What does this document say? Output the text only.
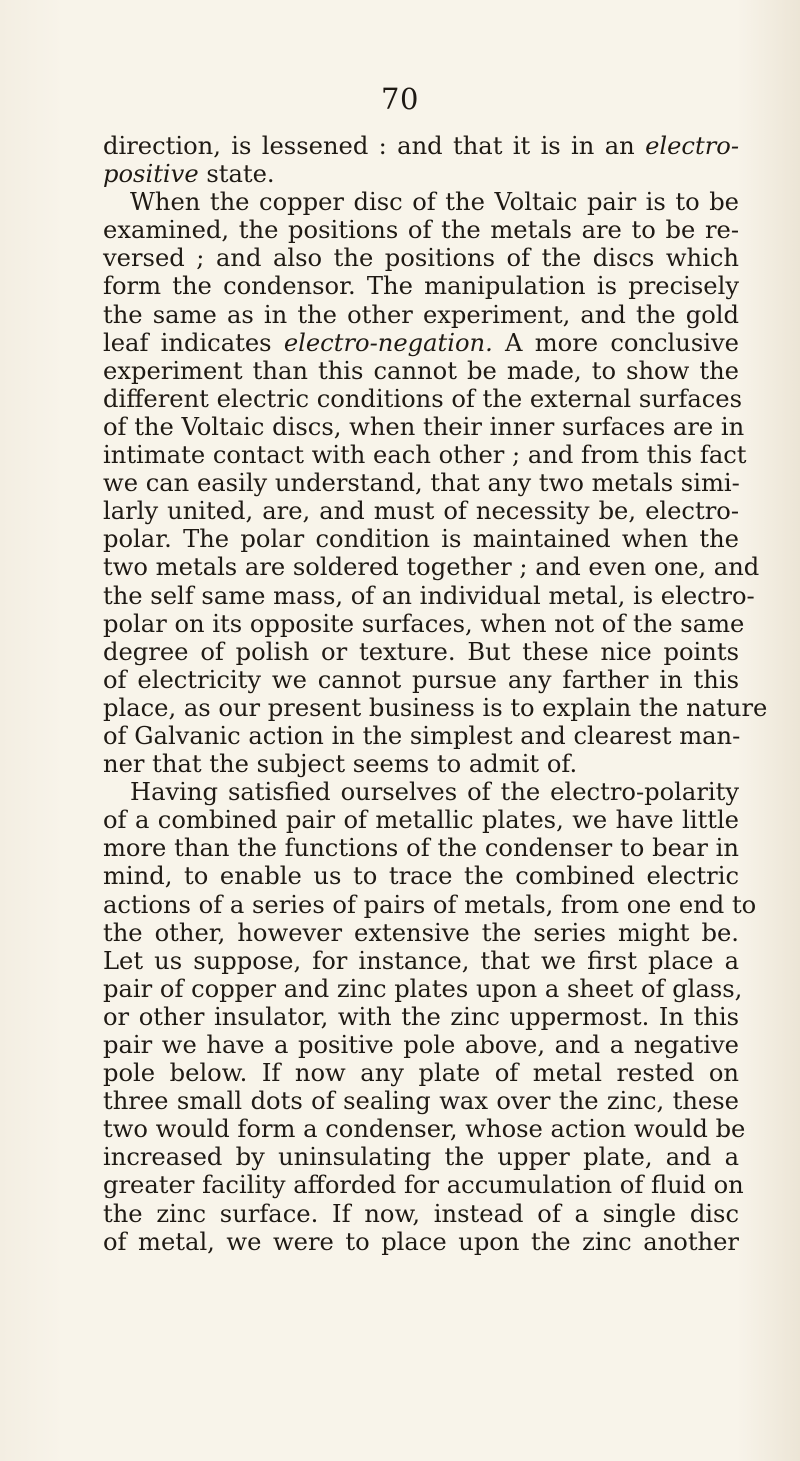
70
direction, is lessened : and that it is in an electro-
positive state.
When the copper disc of the Voltaic pair is to be
examined, the positions of the metals are to be re-
versed ; and also the positions of the discs which
form the condensor. The manipulation is precisely
the same as in the other experiment, and the gold
leaf indicates electro-negation. A more conclusive
experiment than this cannot be made, to show the
different electric conditions of the external surfaces
of the Voltaic discs, when their inner surfaces are in
intimate contact with each other ; and from this fact
we can easily understand, that any two metals simi-
larly united, are, and must of necessity be, electro-
polar. The polar condition is maintained when the
two metals are soldered together ; and even one, and
the self same mass, of an individual metal, is electro-
polar on its opposite surfaces, when not of the same
degree of polish or texture. But these nice points
of electricity we cannot pursue any farther in this
place, as our present business is to explain the nature
of Galvanic action in the simplest and clearest man-
ner that the subject seems to admit of.
Having satisfied ourselves of the electro-polarity
of a combined pair of metallic plates, we have little
more than the functions of the condenser to bear in
mind, to enable us to trace the combined electric
actions of a series of pairs of metals, from one end to
the other, however extensive the series might be.
Let us suppose, for instance, that we first place a
pair of copper and zinc plates upon a sheet of glass,
or other insulator, with the zinc uppermost. In this
pair we have a positive pole above, and a negative
pole below. If now any plate of metal rested on
three small dots of sealing wax over the zinc, these
two would form a condenser, whose action would be
increased by uninsulating the upper plate, and a
greater facility afforded for accumulation of fluid on
the zinc surface. If now, instead of a single disc
of metal, we were to place upon the zinc another
